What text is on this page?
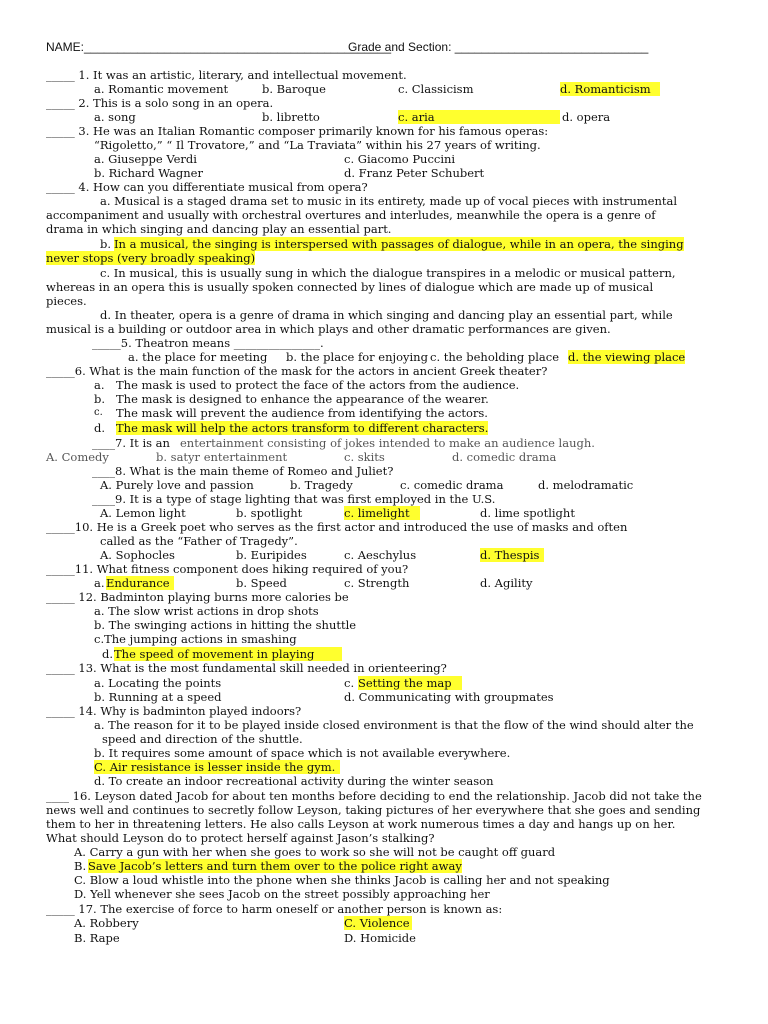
NAME:______________________________________________
Grade and Section: _____________________________
_____ 1. It was an artistic, literary, and intellectual movement.
a. Romantic movement	b. Baroque	c. Classicism	d. Romanticism
_____ 2. This is a solo song in an opera.
a. song	b. libretto	c. aria	d. opera
_____ 3. He was an Italian Romantic composer primarily known for his famous operas:
“Rigoletto,” “ Il Trovatore,” and “La Traviata” within his 27 years of writing.
a. Giuseppe Verdi	c. Giacomo Puccini
b. Richard Wagner	d. Franz Peter Schubert
_____ 4. How can you differentiate musical from opera?
a. Musical is a staged drama set to music in its entirety, made up of vocal pieces with instrumental
accompaniment and usually with orchestral overtures and interludes, meanwhile the opera is a genre of
drama in which singing and dancing play an essential part.
b. In a musical, the singing is interspersed with passages of dialogue, while in an opera, the singing
never stops (very broadly speaking)
c. In musical, this is usually sung in which the dialogue transpires in a melodic or musical pattern,
whereas in an opera this is usually spoken connected by lines of dialogue which are made up of musical
pieces.
d. In theater, opera is a genre of drama in which singing and dancing play an essential part, while
musical is a building or outdoor area in which plays and other dramatic performances are given.
_____5. Theatron means _______________.
a. the place for meeting b. the place for enjoying c. the beholding place d. the viewing place
_____6. What is the main function of the mask for the actors in ancient Greek theater?
a. The mask is used to protect the face of the actors from the audience.
b. The mask is designed to enhance the appearance of the wearer.
c. The mask will prevent the audience from identifying the actors.
d. The mask will help the actors transform to different characters.
____7. It is an entertainment consisting of jokes intended to make an audience laugh.
A. Comedy	b. satyr entertainment	c. skits	d. comedic drama
____8. What is the main theme of Romeo and Juliet?
A. Purely love and passion	b. Tragedy	c. comedic drama	d. melodramatic
____9. It is a type of stage lighting that was first employed in the U.S.
A. Lemon light	b. spotlight	c. limelight	d. lime spotlight
_____10. He is a Greek poet who serves as the first actor and introduced the use of masks and often
called as the “Father of Tragedy”.
A. Sophocles	b. Euripides	c. Aeschylus	d. Thespis
_____11. What fitness component does hiking required of you?
a. Endurance	b. Speed	c. Strength	d. Agility
_____ 12. Badminton playing burns more calories be
a. The slow wrist actions in drop shots
b. The swinging actions in hitting the shuttle
c.The jumping actions in smashing
d. The speed of movement in playing
_____ 13. What is the most fundamental skill needed in orienteering?
a. Locating the points	c. Setting the map
b. Running at a speed	d. Communicating with groupmates
_____ 14. Why is badminton played indoors?
a. The reason for it to be played inside closed environment is that the flow of the wind should alter the
speed and direction of the shuttle.
b. It requires some amount of space which is not available everywhere.
C. Air resistance is lesser inside the gym.
d. To create an indoor recreational activity during the winter season
____ 16. Leyson dated Jacob for about ten months before deciding to end the relationship. Jacob did not take the
news well and continues to secretly follow Leyson, taking pictures of her everywhere that she goes and sending
them to her in threatening letters. He also calls Leyson at work numerous times a day and hangs up on her.
What should Leyson do to protect herself against Jason’s stalking?
A. Carry a gun with her when she goes to work so she will not be caught off guard
B. Save Jacob’s letters and turn them over to the police right away
C. Blow a loud whistle into the phone when she thinks Jacob is calling her and not speaking
D. Yell whenever she sees Jacob on the street possibly approaching her
_____ 17. The exercise of force to harm oneself or another person is known as:
A. Robbery	C. Violence
B. Rape	D. Homicide
